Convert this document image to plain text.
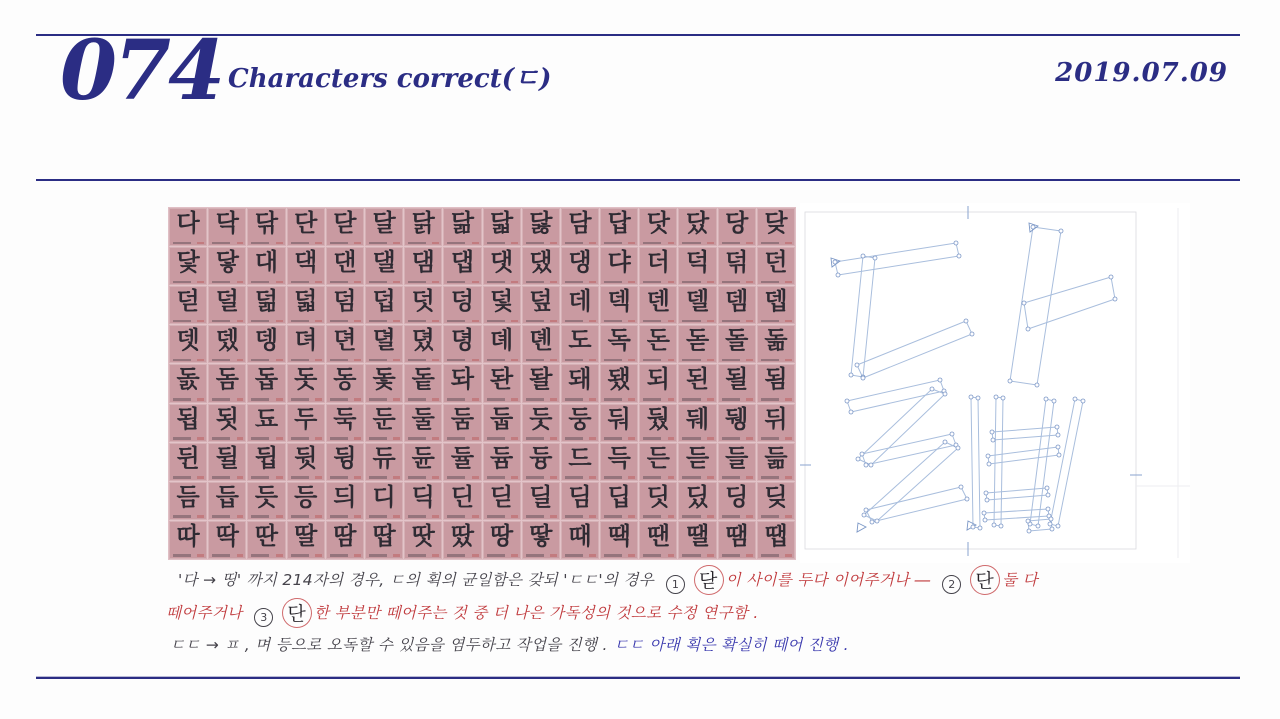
074 Characters correct(ㄷ)	2019.07.09
다 닥 닦 단 닫 달 닭 닮 닯 닳 담 답 닷 닸 당 닺
닻 닿 대 댁 댄 댈 댐 댑 댓 댔 댕 댜 더 덕 덖 던
덛 덜 덞 덟 덤 덥 덧 덩 덫 덮 데 덱 덴 델 뎀 뎁
뎃 뎄 뎅 뎌 뎐 뎔 뎠 뎡 뎨 뎬 도 독 돈 돋 돌 돎
돐 돔 돕 돗 동 돛 돝 돠 돤 돨 돼 됐 되 된 될 됨
됩 됫 됴 두 둑 둔 둘 둠 둡 둣 둥 둬 뒀 뒈 뒝 뒤
뒨 뒬 뒵 뒷 뒹 듀 듄 듈 듐 듕 드 득 든 듣 들 듦
듬 듭 듯 등 듸 디 딕 딘 딛 딜 딤 딥 딧 딨 딩 딪
따 딱 딴 딸 땀 땁 땃 땄 땅 땋 때 땍 땐 땔 땜 땝
'다 → 띵' 까지 214자의 경우, ㄷ의 획의 균일함은 갖되 'ㄷㄷ'의 경우 1 닫 이 사이를 두다 이어주거나 ― 2 단 둘 다
떼어주거나 3 단 한 부분만 떼어주는 것 중 더 나은 가독성의 것으로 수정 연구함 .
ㄷㄷ → ㅍ , 며 등으로 오독할 수 있음을 염두하고 작업을 진행 . ㄷㄷ 아래 획은 확실히 떼어 진행 .
